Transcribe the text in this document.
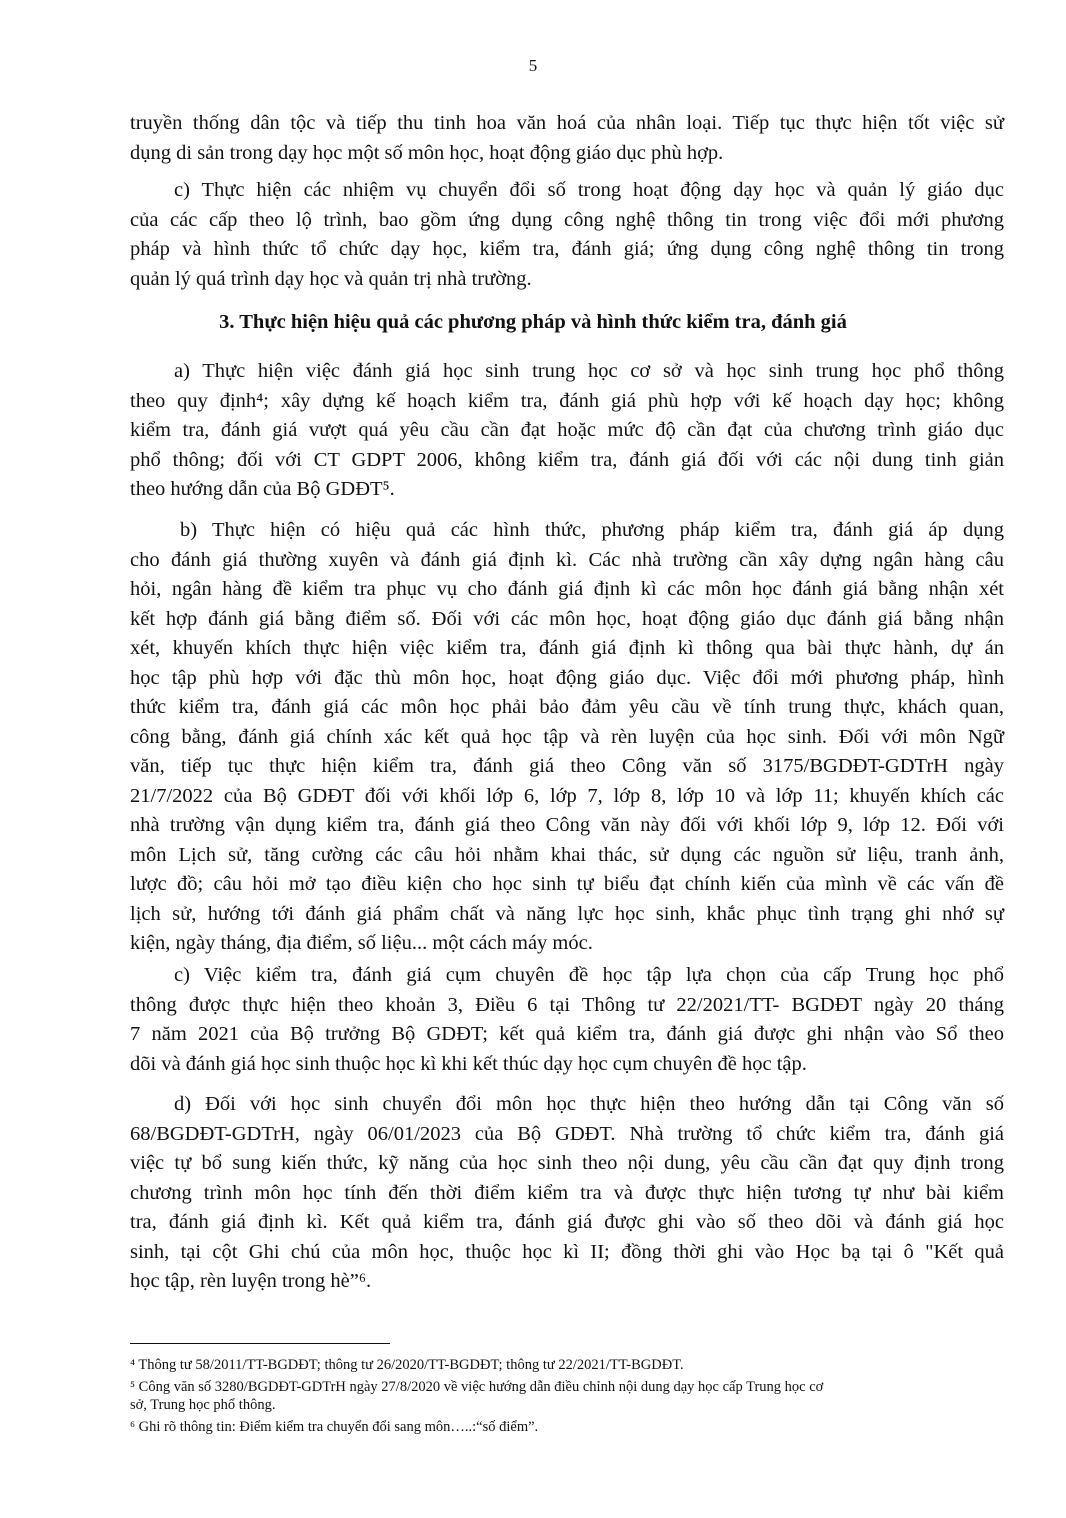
5
truyền thống dân tộc và tiếp thu tinh hoa văn hoá của nhân loại. Tiếp tục thực hiện tốt việc sử
dụng di sản trong dạy học một số môn học, hoạt động giáo dục phù hợp.
c) Thực hiện các nhiệm vụ chuyển đổi số trong hoạt động dạy học và quản lý giáo dục
của các cấp theo lộ trình, bao gồm ứng dụng công nghệ thông tin trong việc đổi mới phương
pháp và hình thức tổ chức dạy học, kiểm tra, đánh giá; ứng dụng công nghệ thông tin trong
quản lý quá trình dạy học và quản trị nhà trường.
a) Thực hiện việc đánh giá học sinh trung học cơ sở và học sinh trung học phổ thông
theo quy định⁴; xây dựng kế hoạch kiểm tra, đánh giá phù hợp với kế hoạch dạy học; không
kiểm tra, đánh giá vượt quá yêu cầu cần đạt hoặc mức độ cần đạt của chương trình giáo dục
phổ thông; đối với CT GDPT 2006, không kiểm tra, đánh giá đối với các nội dung tinh giản
theo hướng dẫn của Bộ GDĐT⁵.
b) Thực hiện có hiệu quả các hình thức, phương pháp kiểm tra, đánh giá áp dụng
cho đánh giá thường xuyên và đánh giá định kì. Các nhà trường cần xây dựng ngân hàng câu
hỏi, ngân hàng đề kiểm tra phục vụ cho đánh giá định kì các môn học đánh giá bằng nhận xét
kết hợp đánh giá bằng điểm số. Đối với các môn học, hoạt động giáo dục đánh giá bằng nhận
xét, khuyến khích thực hiện việc kiểm tra, đánh giá định kì thông qua bài thực hành, dự án
học tập phù hợp với đặc thù môn học, hoạt động giáo dục. Việc đổi mới phương pháp, hình
thức kiểm tra, đánh giá các môn học phải bảo đảm yêu cầu về tính trung thực, khách quan,
công bằng, đánh giá chính xác kết quả học tập và rèn luyện của học sinh. Đối với môn Ngữ
văn, tiếp tục thực hiện kiểm tra, đánh giá theo Công văn số 3175/BGDĐT-GDTrH ngày
21/7/2022 của Bộ GDĐT đối với khối lớp 6, lớp 7, lớp 8, lớp 10 và lớp 11; khuyến khích các
nhà trường vận dụng kiểm tra, đánh giá theo Công văn này đối với khối lớp 9, lớp 12. Đối với
môn Lịch sử, tăng cường các câu hỏi nhằm khai thác, sử dụng các nguồn sử liệu, tranh ảnh,
lược đồ; câu hỏi mở tạo điều kiện cho học sinh tự biểu đạt chính kiến của mình về các vấn đề
lịch sử, hướng tới đánh giá phẩm chất và năng lực học sinh, khắc phục tình trạng ghi nhớ sự
kiện, ngày tháng, địa điểm, số liệu... một cách máy móc.
c) Việc kiểm tra, đánh giá cụm chuyên đề học tập lựa chọn của cấp Trung học phổ
thông được thực hiện theo khoản 3, Điều 6 tại Thông tư 22/2021/TT- BGDĐT ngày 20 tháng
7 năm 2021 của Bộ trưởng Bộ GDĐT; kết quả kiểm tra, đánh giá được ghi nhận vào Sổ theo
dõi và đánh giá học sinh thuộc học kì khi kết thúc dạy học cụm chuyên đề học tập.
d) Đối với học sinh chuyển đổi môn học thực hiện theo hướng dẫn tại Công văn số
68/BGDĐT-GDTrH, ngày 06/01/2023 của Bộ GDĐT. Nhà trường tổ chức kiểm tra, đánh giá
việc tự bổ sung kiến thức, kỹ năng của học sinh theo nội dung, yêu cầu cần đạt quy định trong
chương trình môn học tính đến thời điểm kiểm tra và được thực hiện tương tự như bài kiểm
tra, đánh giá định kì. Kết quả kiểm tra, đánh giá được ghi vào số theo dõi và đánh giá học
sinh, tại cột Ghi chú của môn học, thuộc học kì II; đồng thời ghi vào Học bạ tại ô "Kết quả
học tập, rèn luyện trong hè”⁶.
3. Thực hiện hiệu quả các phương pháp và hình thức kiểm tra, đánh giá
⁴ Thông tư 58/2011/TT-BGDĐT; thông tư 26/2020/TT-BGDĐT; thông tư 22/2021/TT-BGDĐT.
⁵ Công văn số 3280/BGDĐT-GDTrH ngày 27/8/2020 về việc hướng dẫn điều chỉnh nội dung dạy học cấp Trung học cơ
sở, Trung học phổ thông.
⁶ Ghi rõ thông tin: Điểm kiểm tra chuyển đổi sang môn…..:“số điểm”.
